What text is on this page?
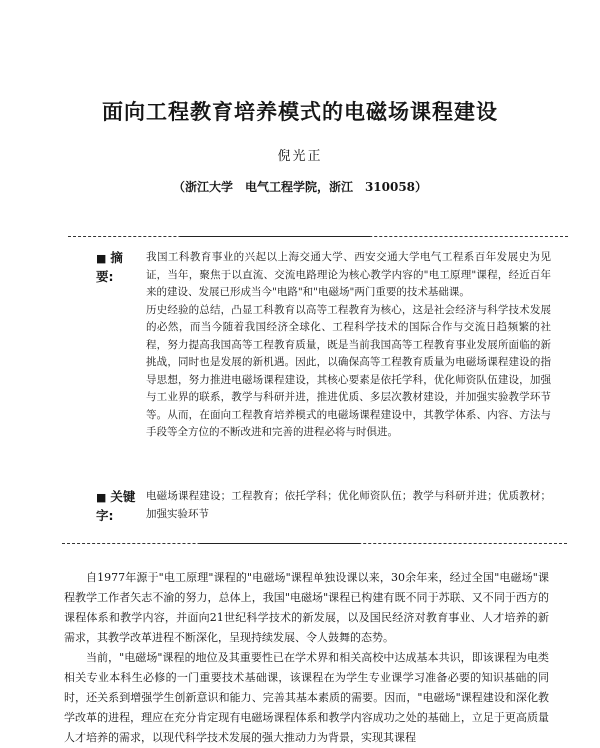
面向工程教育培养模式的电磁场课程建设
倪光正
（浙江大学　电气工程学院，浙江　310058）
■ 摘　要:

我国工科教育事业的兴起以上海交通大学、西安交通大学电气工程系百年发展史为见证，当年，聚焦于以直流、交流电路理论为核心教学内容的"电工原理"课程，经近百年来的建设、发展已形成当今"电路"和"电磁场"两门重要的技术基础课。

历史经验的总结，凸显工科教育以高等工程教育为核心，这是社会经济与科学技术发展的必然，而当今随着我国经济全球化、工程科学技术的国际合作与交流日趋频繁的社程，努力提高我国高等工程教育质量，既是当前我国高等工程教育事业发展所面临的新挑战，同时也是发展的新机遇。因此，以确保高等工程教育质量为电磁场课程建设的指导思想，努力推进电磁场课程建设，其核心要素是依托学科，优化师资队伍建设，加强与工业界的联系，教学与科研并进，推进优质、多层次教材建设，并加强实验教学环节等。从而，在面向工程教育培养模式的电磁场课程建设中，其教学体系、内容、方法与手段等全方位的不断改进和完善的进程必将与时俱进。

■ 关键字:

电磁场课程建设；工程教育；依托学科；优化师资队伍；教学与科研并进；优质教材；加强实验环节

自1977年源于"电工原理"课程的"电磁场"课程单独设课以来，30余年来，经过全国"电磁场"课程教学工作者矢志不渝的努力，总体上，我国"电磁场"课程已构建有既不同于苏联、又不同于西方的课程体系和教学内容，并面向21世纪科学技术的新发展，以及国民经济对教育事业、人才培养的新需求，其教学改革进程不断深化，呈现持续发展、令人鼓舞的态势。

当前，"电磁场"课程的地位及其重要性已在学术界和相关高校中达成基本共识，即该课程为电类相关专业本科生必修的一门重要技术基础课，该课程在为学生专业课学习准备必要的知识基础的同时，还关系到增强学生创新意识和能力、完善其基本素质的需要。因而，"电磁场"课程建设和深化教学改革的进程，理应在充分肯定现有电磁场课程体系和教学内容成功之处的基础上，立足于更高质量人才培养的需求，以现代科学技术发展的强大推动力为背景，实现其课程
